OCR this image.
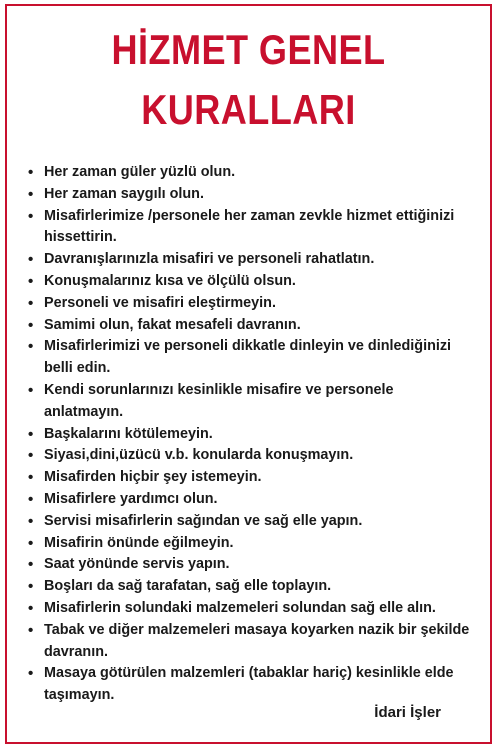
HİZMET GENEL
KURALLARI
• Her zaman güler yüzlü olun.
• Her zaman saygılı olun.
• Misafirlerimize /personele her zaman zevkle hizmet ettiğinizi hissettirin.
• Davranışlarınızla misafiri ve personeli rahatlatın.
• Konuşmalarınız kısa ve ölçülü olsun.
• Personeli ve misafiri eleştirmeyin.
• Samimi olun, fakat mesafeli davranın.
• Misafirlerimizi ve personeli dikkatle dinleyin ve dinlediğinizi belli edin.
• Kendi sorunlarınızı kesinlikle misafire ve personele anlatmayın.
• Başkalarını kötülemeyin.
• Siyasi,dini,üzücü v.b. konularda konuşmayın.
• Misafirden hiçbir şey istemeyin.
• Misafirlere yardımcı olun.
• Servisi misafirlerin sağından ve sağ elle yapın.
• Misafirin önünde eğilmeyin.
• Saat yönünde servis yapın.
• Boşları da sağ tarafatan, sağ elle toplayın.
• Misafirlerin solundaki malzemeleri solundan sağ elle alın.
• Tabak ve diğer malzemeleri masaya koyarken nazik bir şekilde davranın.
• Masaya götürülen malzemleri (tabaklar hariç) kesinlikle elde taşımayın.
İdari İşler
